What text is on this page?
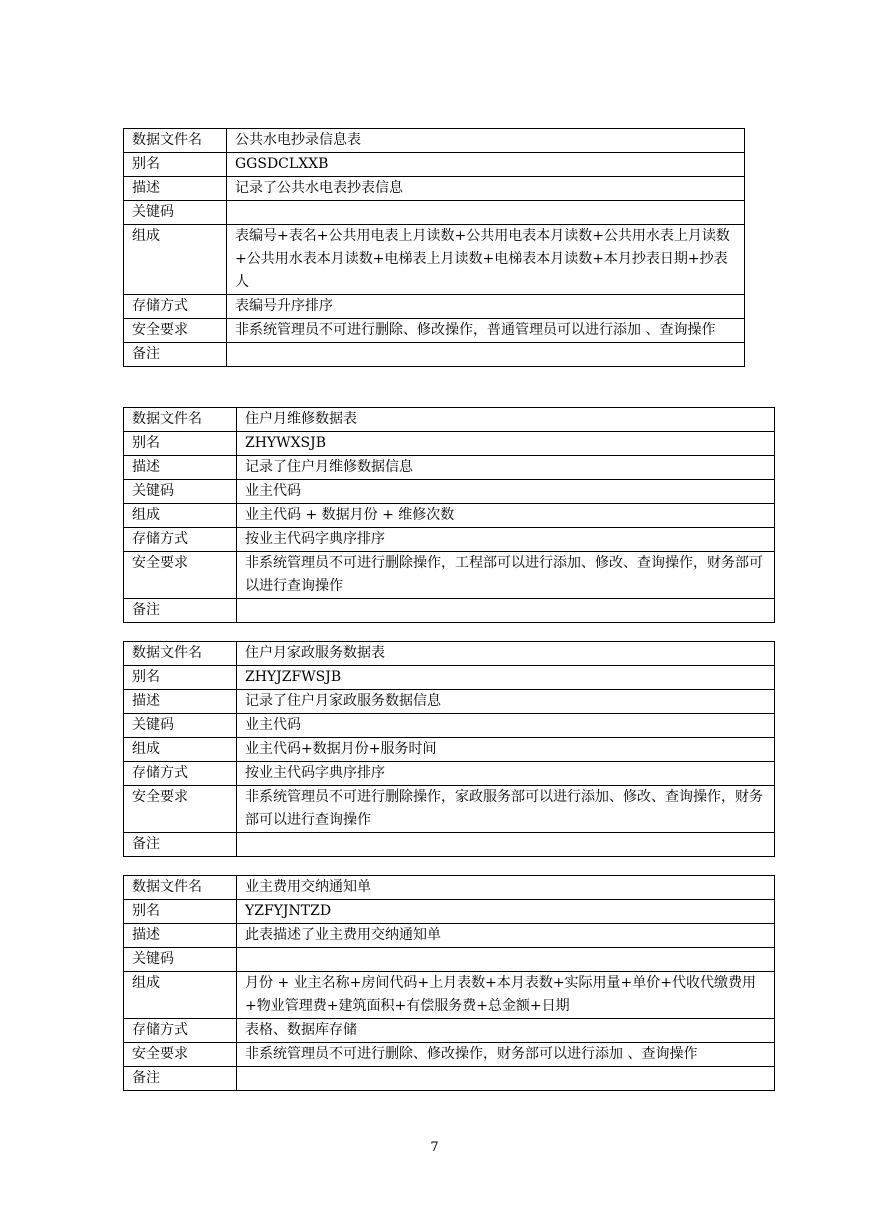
数据文件名	公共水电抄录信息表
别名	GGSDCLXXB
描述	记录了公共水电表抄表信息
关键码	
组成	表编号+表名+公共用电表上月读数+公共用电表本月读数+公共用水表上月读数+公共用水表本月读数+电梯表上月读数+电梯表本月读数+本月抄表日期+抄表人
存储方式	表编号升序排序
安全要求	非系统管理员不可进行删除、修改操作，普通管理员可以进行添加 、查询操作
备注	
数据文件名	住户月维修数据表
别名	ZHYWXSJB
描述	记录了住户月维修数据信息
关键码	业主代码
组成	业主代码 + 数据月份 + 维修次数
存储方式	按业主代码字典序排序
安全要求	非系统管理员不可进行删除操作，工程部可以进行添加、修改、查询操作，财务部可以进行查询操作
备注	
数据文件名	住户月家政服务数据表
别名	ZHYJZFWSJB
描述	记录了住户月家政服务数据信息
关键码	业主代码
组成	业主代码+数据月份+服务时间
存储方式	按业主代码字典序排序
安全要求	非系统管理员不可进行删除操作，家政服务部可以进行添加、修改、查询操作，财务部可以进行查询操作
备注	
数据文件名	业主费用交纳通知单
别名	YZFYJNTZD
描述	此表描述了业主费用交纳通知单
关键码	
组成	月份 + 业主名称+房间代码+上月表数+本月表数+实际用量+单价+代收代缴费用+物业管理费+建筑面积+有偿服务费+总金额+日期
存储方式	表格、数据库存储
安全要求	非系统管理员不可进行删除、修改操作，财务部可以进行添加 、查询操作
备注	
7
